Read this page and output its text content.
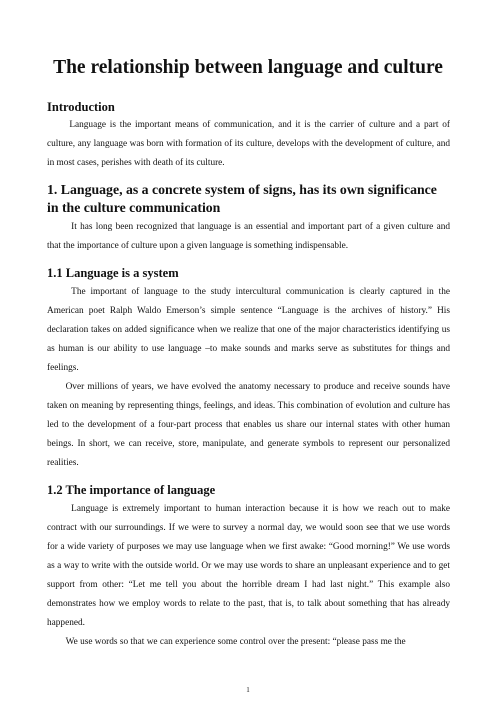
The relationship between language and culture
Introduction

Language is the important means of communication, and it is the carrier of culture and a part of culture, any language was born with formation of its culture, develops with the development of culture, and in most cases, perishes with death of its culture.

1. Language, as a concrete system of signs, has its own significance in the culture communication

It has long been recognized that language is an essential and important part of a given culture and that the importance of culture upon a given language is something indispensable.

1.1 Language is a system

The important of language to the study intercultural communication is clearly captured in the American poet Ralph Waldo Emerson’s simple sentence “Language is the archives of history.” His declaration takes on added significance when we realize that one of the major characteristics identifying us as human is our ability to use language –to make sounds and marks serve as substitutes for things and feelings.

Over millions of years, we have evolved the anatomy necessary to produce and receive sounds have taken on meaning by representing things, feelings, and ideas. This combination of evolution and culture has led to the development of a four-part process that enables us share our internal states with other human beings. In short, we can receive, store, manipulate, and generate symbols to represent our personalized realities.

1.2 The importance of language

Language is extremely important to human interaction because it is how we reach out to make contract with our surroundings. If we were to survey a normal day, we would soon see that we use words for a wide variety of purposes we may use language when we first awake: “Good morning!” We use words as a way to write with the outside world. Or we may use words to share an unpleasant experience and to get support from other: “Let me tell you about the horrible dream I had last night.” This example also demonstrates how we employ words to relate to the past, that is, to talk about something that has already happened.

We use words so that we can experience some control over the present: “please pass me the

1
